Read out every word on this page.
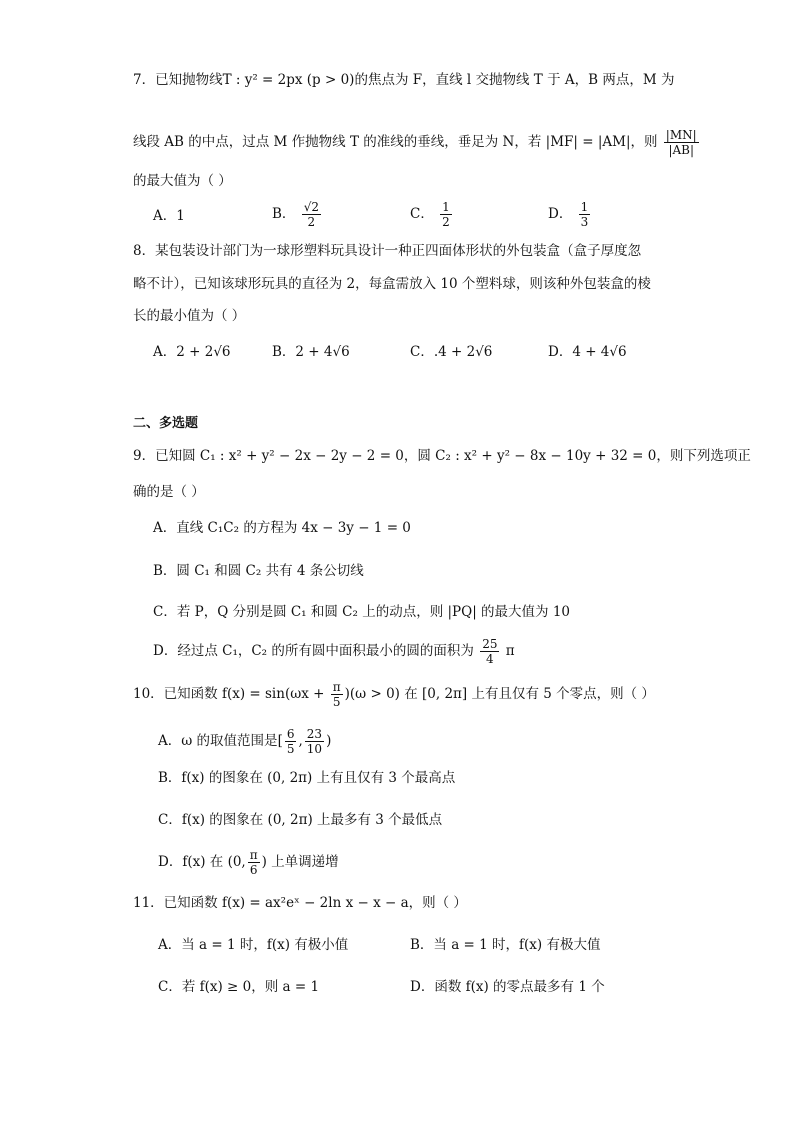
7．已知抛物线T : y² = 2px (p > 0)的焦点为 F，直线 l 交抛物线 T 于 A，B 两点，M 为
线段 AB 的中点，过点 M 作抛物线 T 的准线的垂线，垂足为 N，若 |MF| = |AM|，则 $\frac{|MN|}{|AB|}$
的最大值为（ ）
A．1	B． $\frac{√2}{2}$	C． $\frac{1}{2}$	D． $\frac{1}{3}$
8．某包装设计部门为一球形塑料玩具设计一种正四面体形状的外包装盒（盒子厚度忽
略不计），已知该球形玩具的直径为 2，每盒需放入 10 个塑料球，则该种外包装盒的棱
长的最小值为（ ）
A．2 + 2√6	B．2 + 4√6	C．.4 + 2√6	D．4 + 4√6
二、多选题
9．已知圆 C₁ : x² + y² − 2x − 2y − 2 = 0，圆 C₂ : x² + y² − 8x − 10y + 32 = 0，则下列选项正
确的是（ ）
A．直线 C₁C₂ 的方程为 4x − 3y − 1 = 0
B．圆 C₁ 和圆 C₂ 共有 4 条公切线
C．若 P，Q 分别是圆 C₁ 和圆 C₂ 上的动点，则 |PQ| 的最大值为 10
D．经过点 C₁，C₂ 的所有圆中面积最小的圆的面积为 $\frac{25}{4}$ π
10．已知函数 $f(x) = \sin(\omega x + \frac{\pi}{5} )(\omega > 0)$ 在 [0, 2π] 上有且仅有 5 个零点，则（ ）
A．ω 的取值范围是[ $\frac{6}{5}$ , $\frac{23}{10}$ )
B．f(x) 的图象在 (0, 2π) 上有且仅有 3 个最高点
C．f(x) 的图象在 (0, 2π) 上最多有 3 个最低点
D．f(x) 在 (0, $\frac{\pi}{6}$ ) 上单调递增
11．已知函数 f(x) = ax²eˣ − 2ln x − x − a，则（ ）
A．当 a = 1 时，f(x) 有极小值	B．当 a = 1 时，f(x) 有极大值
C．若 f(x) ≥ 0，则 a = 1	D．函数 f(x) 的零点最多有 1 个
